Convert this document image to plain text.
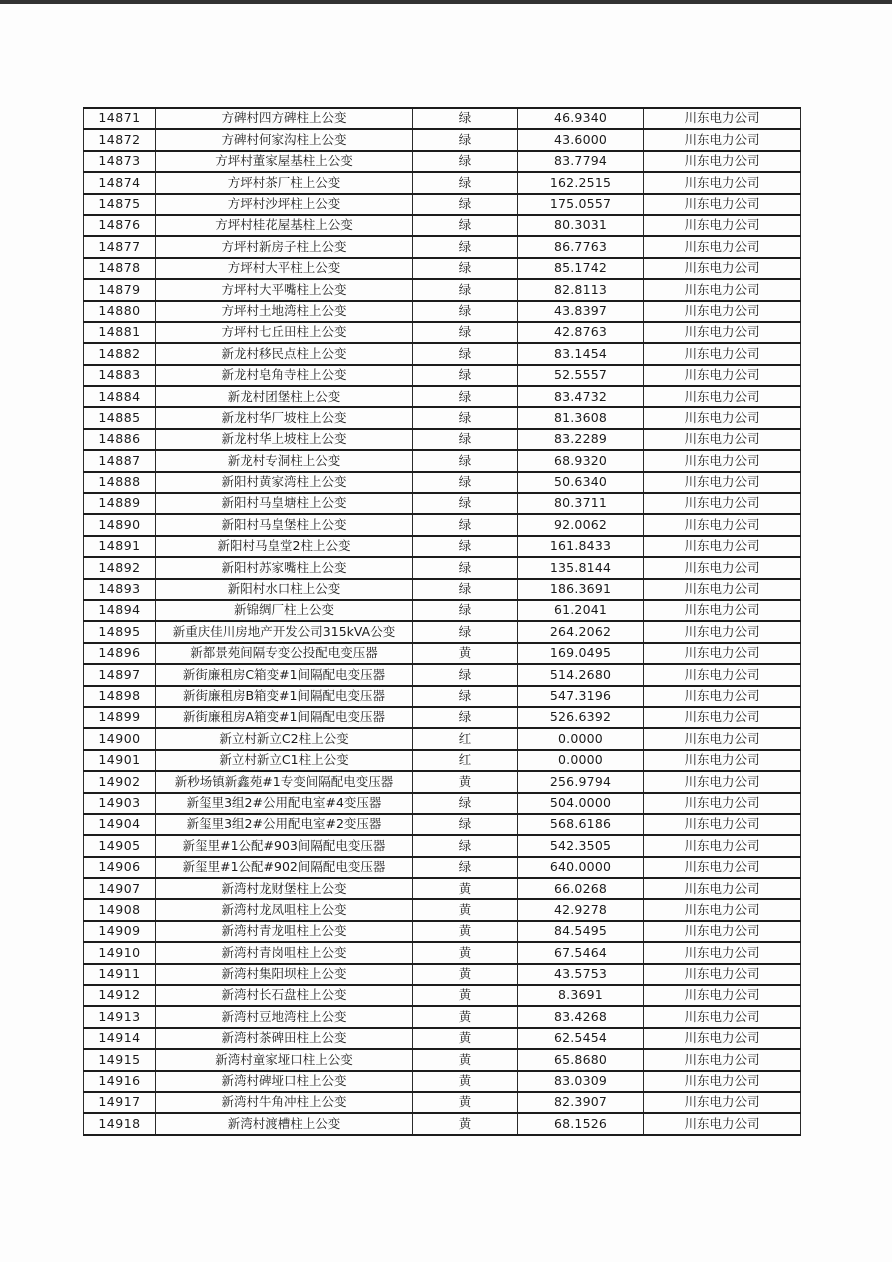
14871	方碑村四方碑柱上公变	绿	46.9340	川东电力公司
14872	方碑村何家沟柱上公变	绿	43.6000	川东电力公司
14873	方坪村董家屋基柱上公变	绿	83.7794	川东电力公司
14874	方坪村茶厂柱上公变	绿	162.2515	川东电力公司
14875	方坪村沙坪柱上公变	绿	175.0557	川东电力公司
14876	方坪村桂花屋基柱上公变	绿	80.3031	川东电力公司
14877	方坪村新房子柱上公变	绿	86.7763	川东电力公司
14878	方坪村大平柱上公变	绿	85.1742	川东电力公司
14879	方坪村大平嘴柱上公变	绿	82.8113	川东电力公司
14880	方坪村土地湾柱上公变	绿	43.8397	川东电力公司
14881	方坪村七丘田柱上公变	绿	42.8763	川东电力公司
14882	新龙村移民点柱上公变	绿	83.1454	川东电力公司
14883	新龙村皂角寺柱上公变	绿	52.5557	川东电力公司
14884	新龙村团堡柱上公变	绿	83.4732	川东电力公司
14885	新龙村华厂坡柱上公变	绿	81.3608	川东电力公司
14886	新龙村华上坡柱上公变	绿	83.2289	川东电力公司
14887	新龙村专洞柱上公变	绿	68.9320	川东电力公司
14888	新阳村黄家湾柱上公变	绿	50.6340	川东电力公司
14889	新阳村马皇塘柱上公变	绿	80.3711	川东电力公司
14890	新阳村马皇堡柱上公变	绿	92.0062	川东电力公司
14891	新阳村马皇堂2柱上公变	绿	161.8433	川东电力公司
14892	新阳村苏家嘴柱上公变	绿	135.8144	川东电力公司
14893	新阳村水口柱上公变	绿	186.3691	川东电力公司
14894	新锦绸厂柱上公变	绿	61.2041	川东电力公司
14895	新重庆佳川房地产开发公司315kVA公变	绿	264.2062	川东电力公司
14896	新都景苑间隔专变公投配电变压器	黄	169.0495	川东电力公司
14897	新街廉租房C箱变#1间隔配电变压器	绿	514.2680	川东电力公司
14898	新街廉租房B箱变#1间隔配电变压器	绿	547.3196	川东电力公司
14899	新街廉租房A箱变#1间隔配电变压器	绿	526.6392	川东电力公司
14900	新立村新立C2柱上公变	红	0.0000	川东电力公司
14901	新立村新立C1柱上公变	红	0.0000	川东电力公司
14902	新秒场镇新鑫苑#1专变间隔配电变压器	黄	256.9794	川东电力公司
14903	新玺里3组2#公用配电室#4变压器	绿	504.0000	川东电力公司
14904	新玺里3组2#公用配电室#2变压器	绿	568.6186	川东电力公司
14905	新玺里#1公配#903间隔配电变压器	绿	542.3505	川东电力公司
14906	新玺里#1公配#902间隔配电变压器	绿	640.0000	川东电力公司
14907	新湾村龙财堡柱上公变	黄	66.0268	川东电力公司
14908	新湾村龙凤咀柱上公变	黄	42.9278	川东电力公司
14909	新湾村青龙咀柱上公变	黄	84.5495	川东电力公司
14910	新湾村青岗咀柱上公变	黄	67.5464	川东电力公司
14911	新湾村集阳坝柱上公变	黄	43.5753	川东电力公司
14912	新湾村长石盘柱上公变	黄	8.3691	川东电力公司
14913	新湾村豆地湾柱上公变	黄	83.4268	川东电力公司
14914	新湾村茶碑田柱上公变	黄	62.5454	川东电力公司
14915	新湾村童家垭口柱上公变	黄	65.8680	川东电力公司
14916	新湾村碑垭口柱上公变	黄	83.0309	川东电力公司
14917	新湾村牛角冲柱上公变	黄	82.3907	川东电力公司
14918	新湾村渡槽柱上公变	黄	68.1526	川东电力公司
